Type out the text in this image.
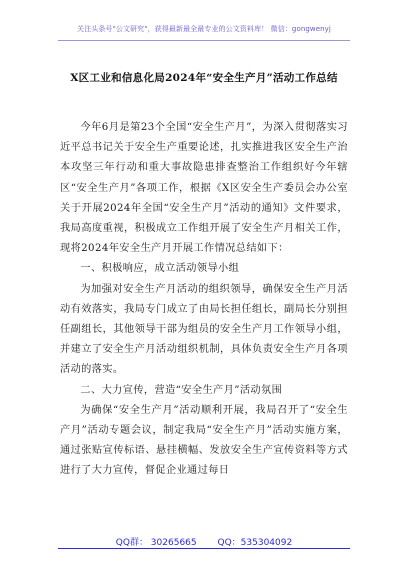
关注头条号"公文研究"，获得最新最全最专业的公文资料库！ 微信：gongwenyj
X区工业和信息化局2024年“安全生产月”活动工作总结

今年6月是第23个全国“安全生产月”，为深入贯彻落实习近平总书记关于安全生产重要论述，扎实推进我区安全生产治本攻坚三年行动和重大事故隐患排查整治工作组织好今年辖区“安全生产月”各项工作，根据《X区安全生产委员会办公室关于开展2024年全国“安全生产月”活动的通知》文件要求，我局高度重视，积极成立工作组开展了安全生产月相关工作，现将2024年安全生产月开展工作情况总结如下：

一、积极响应，成立活动领导小组

为加强对安全生产月活动的组织领导，确保安全生产月活动有效落实，我局专门成立了由局长担任组长，副局长分别担任副组长，其他领导干部为组员的安全生产月工作领导小组，并建立了安全生产月活动组织机制，具体负责安全生产月各项活动的落实。

二、大力宣传，营造“安全生产月”活动氛围

为确保“安全生产月”活动顺利开展，我局召开了“安全生产月”活动专题会议，制定我局“安全生产月”活动实施方案，通过张贴宣传标语、悬挂横幅、发放安全生产宣传资料等方式进行了大力宣传，督促企业通过每日

QQ群： 30265665 QQ：535304092
